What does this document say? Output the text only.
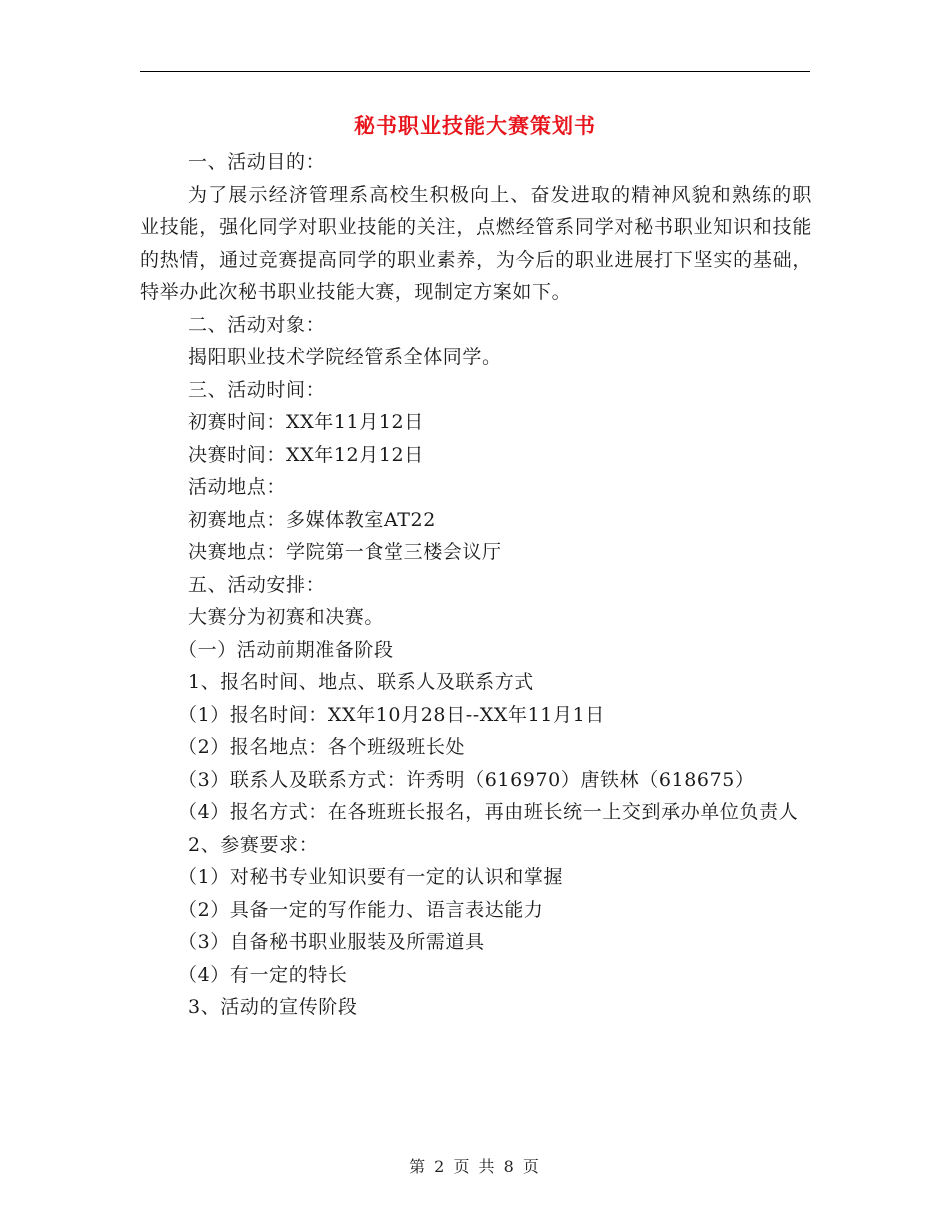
秘书职业技能大赛策划书

一、活动目的：

为了展示经济管理系高校生积极向上、奋发进取的精神风貌和熟练的职业技能，强化同学对职业技能的关注，点燃经管系同学对秘书职业知识和技能的热情，通过竞赛提高同学的职业素养，为今后的职业进展打下坚实的基础，特举办此次秘书职业技能大赛，现制定方案如下。

二、活动对象：

揭阳职业技术学院经管系全体同学。

三、活动时间：

初赛时间：XX年11月12日

决赛时间：XX年12月12日

活动地点：

初赛地点：多媒体教室AT22

决赛地点：学院第一食堂三楼会议厅

五、活动安排：

大赛分为初赛和决赛。

（一）活动前期准备阶段

1、报名时间、地点、联系人及联系方式

（1）报名时间：XX年10月28日--XX年11月1日

（2）报名地点：各个班级班长处

（3）联系人及联系方式：许秀明（616970）唐铁林（618675）

（4）报名方式：在各班班长报名，再由班长统一上交到承办单位负责人

2、参赛要求：

（1）对秘书专业知识要有一定的认识和掌握

（2）具备一定的写作能力、语言表达能力

（3）自备秘书职业服装及所需道具

（4）有一定的特长

3、活动的宣传阶段

第 2 页 共 8 页
